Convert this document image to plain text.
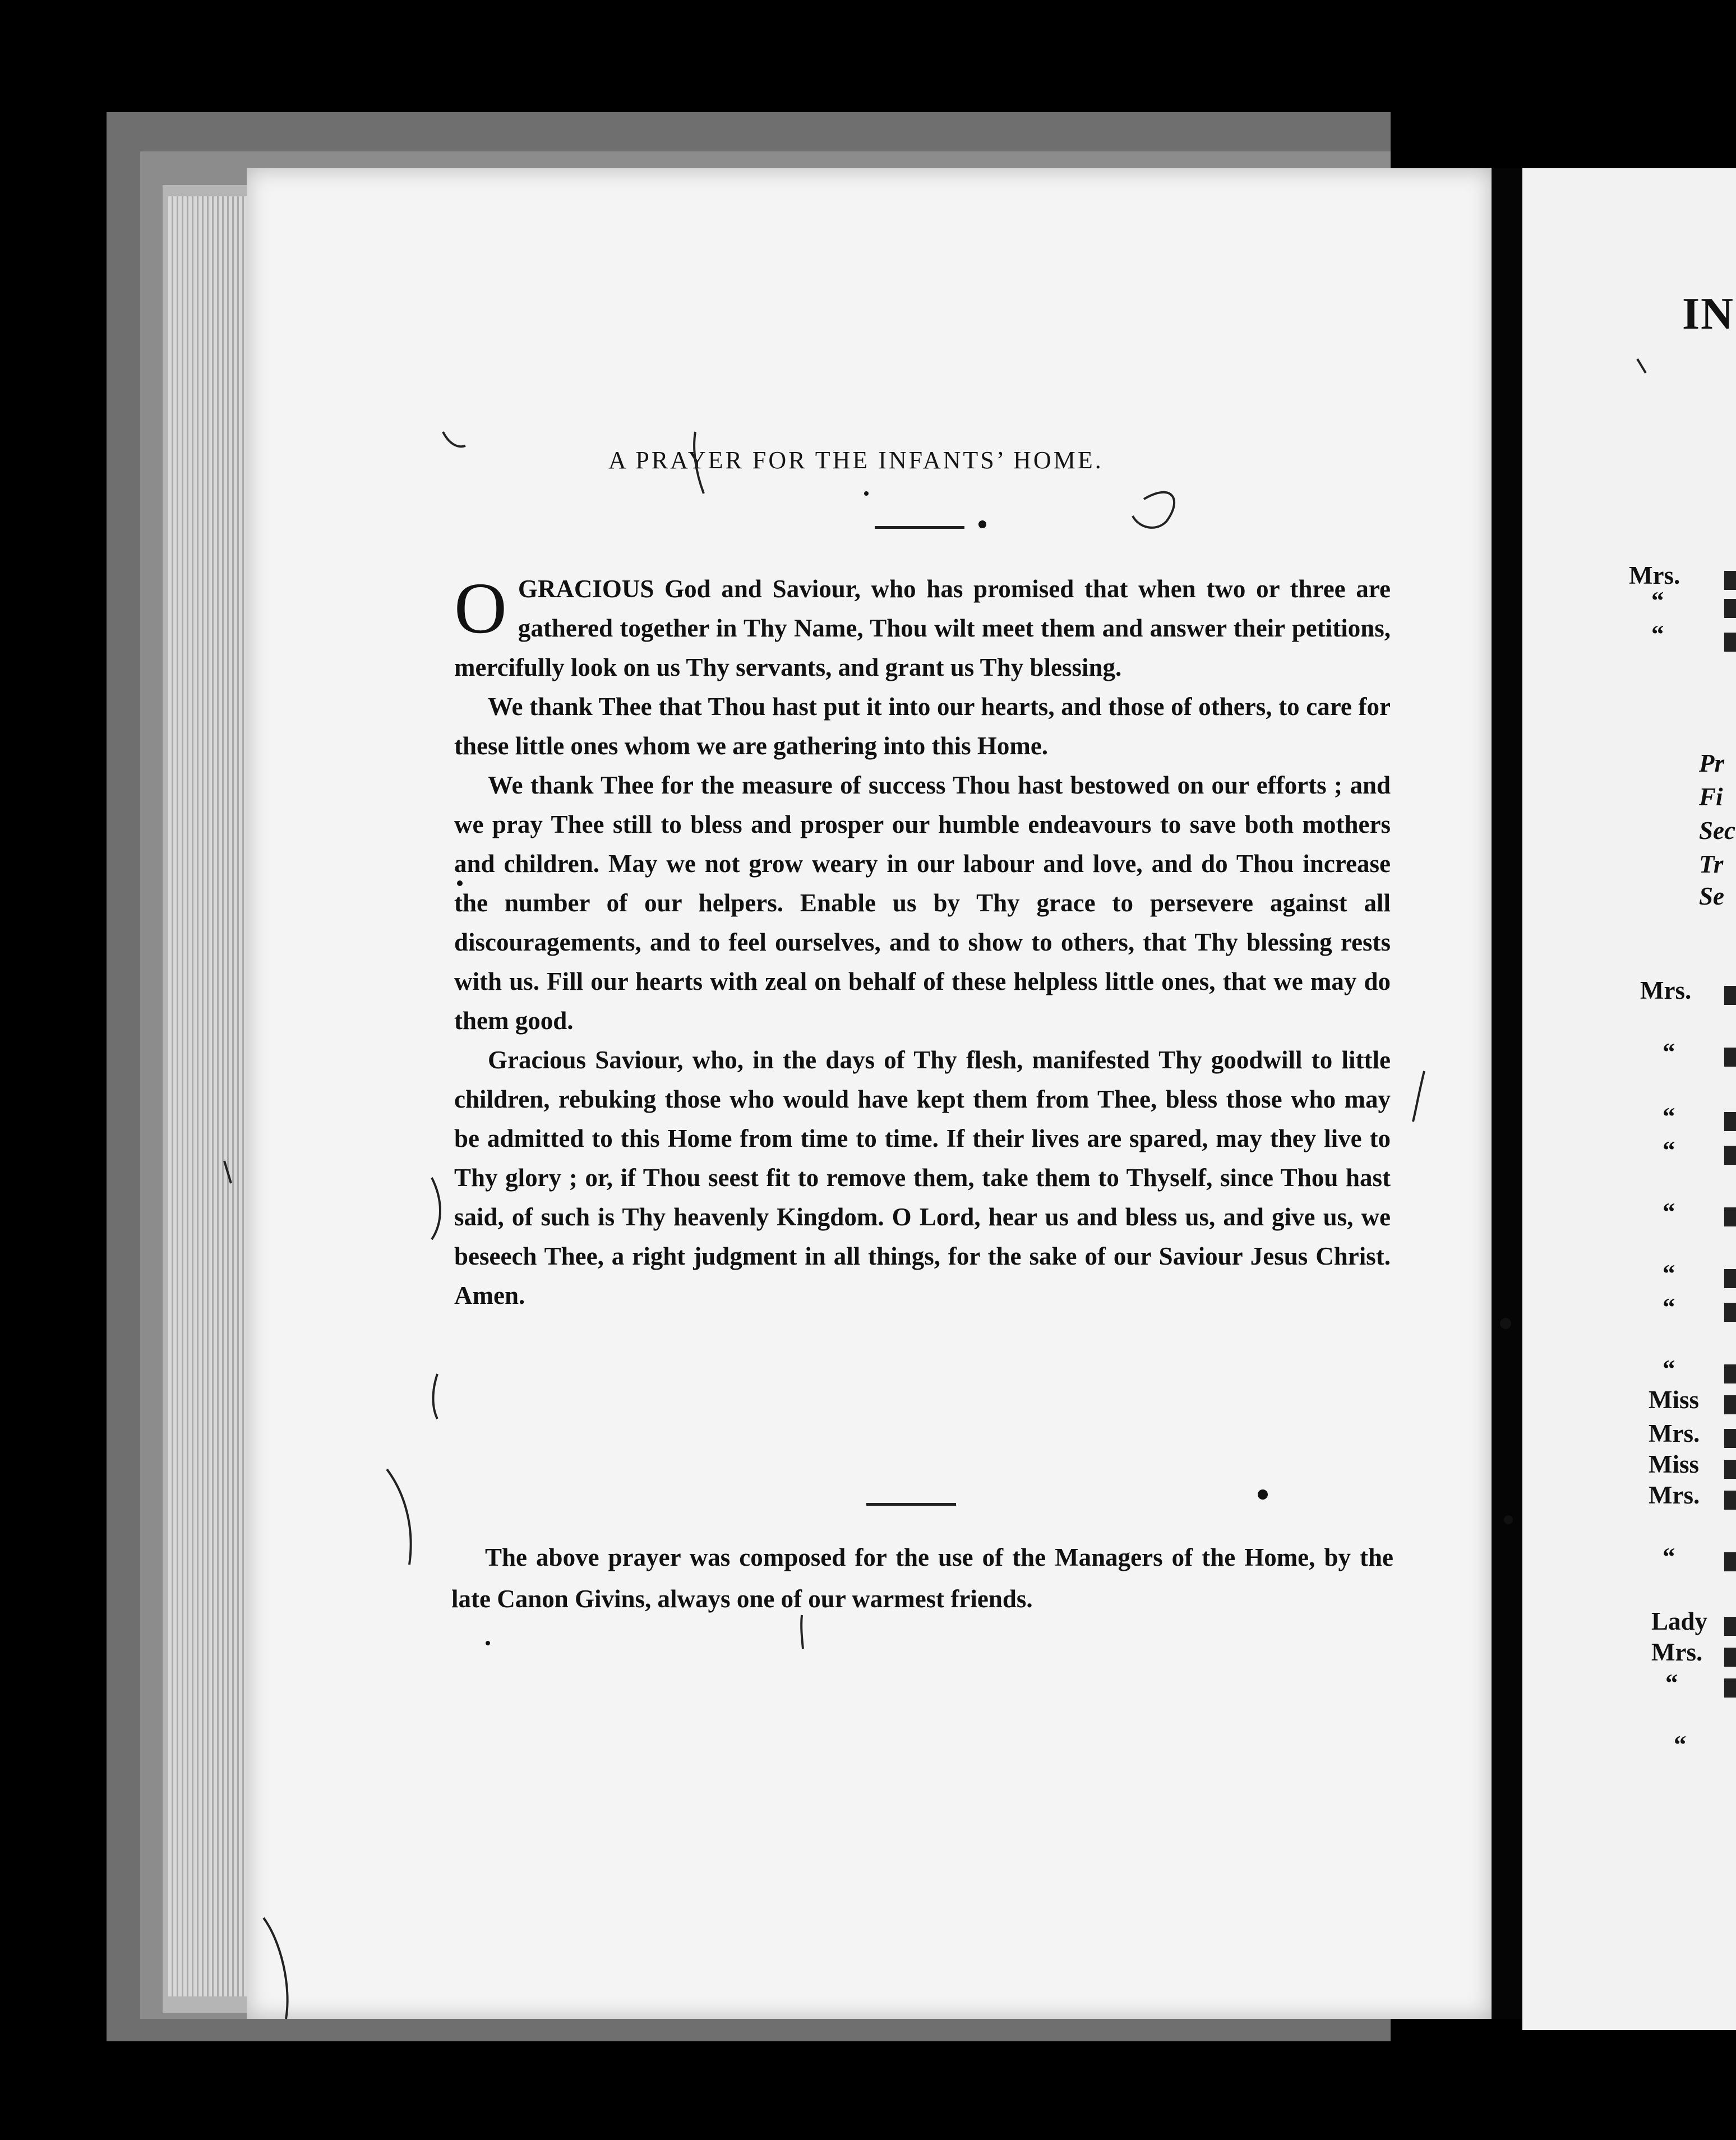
A PRAYER FOR THE INFANTS’ HOME.

OGRACIOUS God and Saviour, who has promised that when two or three are gathered together in Thy Name, Thou wilt meet them and answer their petitions, mercifully look on us Thy servants, and grant us Thy blessing.

We thank Thee that Thou hast put it into our hearts, and those of others, to care for these little ones whom we are gathering into this Home.

We thank Thee for the measure of success Thou hast bestowed on our efforts ; and we pray Thee still to bless and prosper our humble endeavours to save both mothers and children. May we not grow weary in our labour and love, and do Thou increase the number of our helpers. Enable us by Thy grace to persevere against all discouragements, and to feel ourselves, and to show to others, that Thy blessing rests with us. Fill our hearts with zeal on behalf of these helpless little ones, that we may do them good.

Gracious Saviour, who, in the days of Thy flesh, manifested Thy goodwill to little children, rebuking those who would have kept them from Thee, bless those who may be admitted to this Home from time to time. If their lives are spared, may they live to Thy glory ; or, if Thou seest fit to remove them, take them to Thyself, since Thou hast said, of such is Thy heavenly Kingdom. O Lord, hear us and bless us, and give us, we beseech Thee, a right judgment in all things, for the sake of our Saviour Jesus Christ. Amen.

The above prayer was composed for the use of the Managers of the Home, by the late Canon Givins, always one of our warmest friends.
IN
Mrs.
“
“
Pr
Fi
Sec
Tr
Se
Mrs.
“
“
“
“
“
“
“
Miss
Mrs.
Miss
Mrs.
“
Lady
Mrs.
“
“
